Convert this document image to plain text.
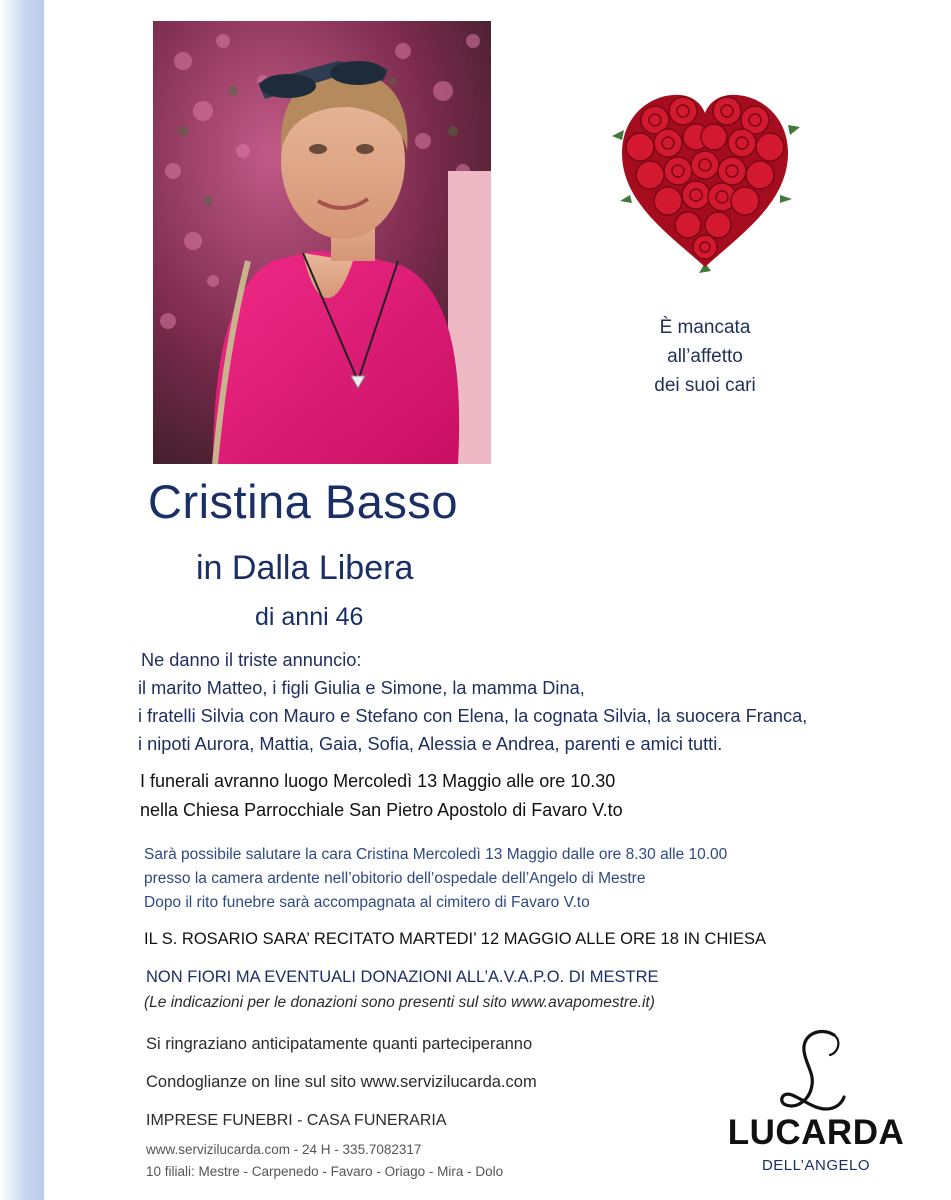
È mancata
all’affetto
dei suoi cari
Cristina Basso
in Dalla Libera
di anni 46
Ne danno il triste annuncio:
il marito Matteo, i figli Giulia e Simone, la mamma Dina,
i fratelli Silvia con Mauro e Stefano con Elena, la cognata Silvia, la suocera Franca,
i nipoti Aurora, Mattia, Gaia, Sofia, Alessia e Andrea, parenti e amici tutti.
I funerali avranno luogo Mercoledì 13 Maggio alle ore 10.30
nella Chiesa Parrocchiale San Pietro Apostolo di Favaro V.to
Sarà possibile salutare la cara Cristina Mercoledì 13 Maggio dalle ore 8.30 alle 10.00
presso la camera ardente nell’obitorio dell’ospedale dell’Angelo di Mestre
Dopo il rito funebre sarà accompagnata al cimitero di Favaro V.to
IL S. ROSARIO SARA’ RECITATO MARTEDI’ 12 MAGGIO ALLE ORE 18 IN CHIESA
NON FIORI MA EVENTUALI DONAZIONI ALL’A.V.A.P.O. DI MESTRE
(Le indicazioni per le donazioni sono presenti sul sito www.avapomestre.it)
Si ringraziano anticipatamente quanti parteciperanno
Condoglianze on line sul sito www.servizilucarda.com
IMPRESE FUNEBRI - CASA FUNERARIA
www.servizilucarda.com - 24 H - 335.7082317
10 filiali: Mestre - Carpenedo - Favaro - Oriago - Mira - Dolo
LUCARDA
DELL’ANGELO
